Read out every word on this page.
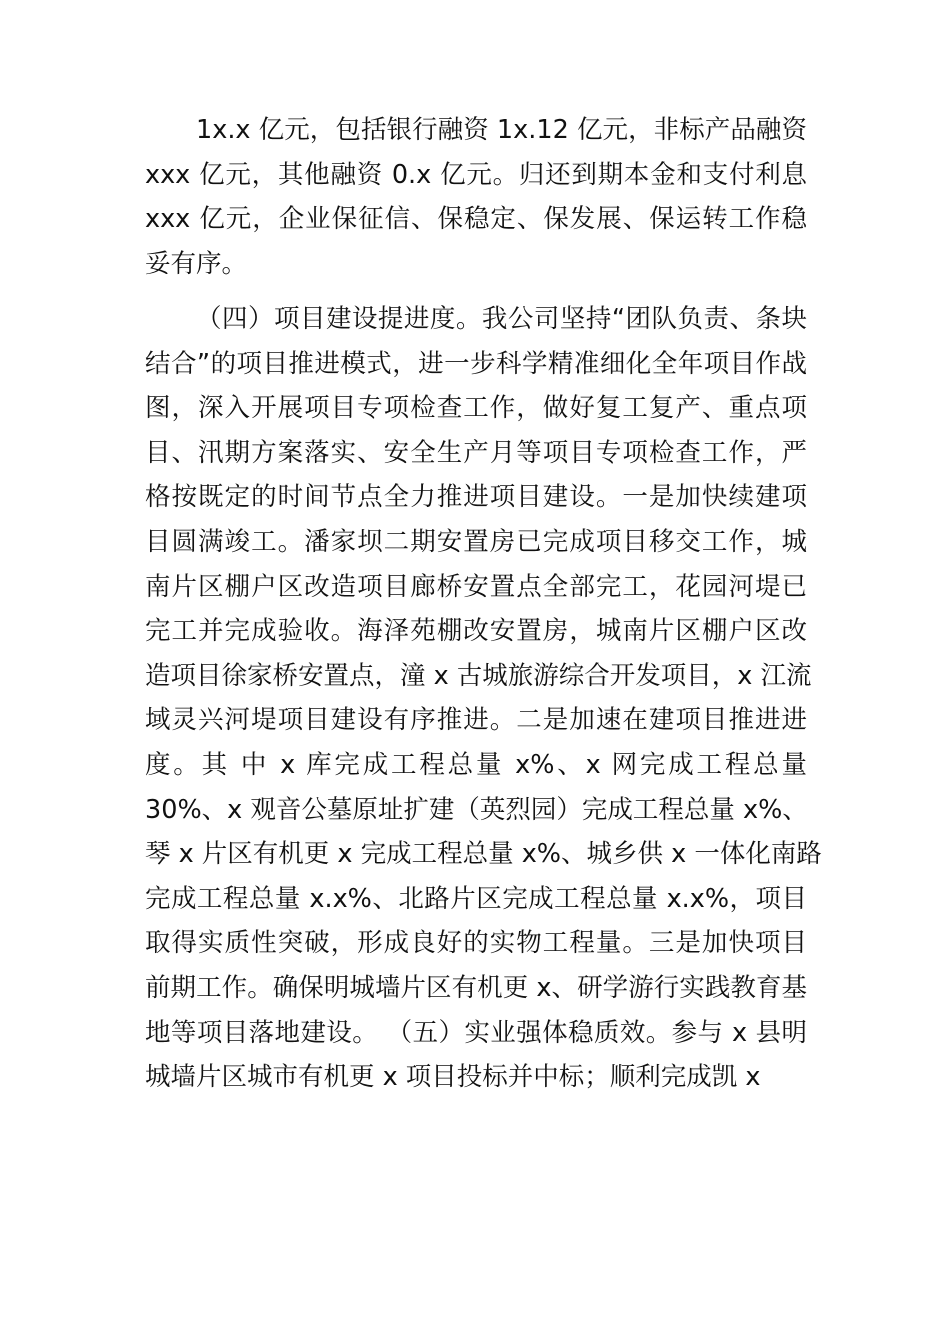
1x.x 亿元，包括银行融资 1x.12 亿元，非标产品融资
xxx 亿元，其他融资 0.x 亿元。归还到期本金和支付利息
xxx 亿元，企业保征信、保稳定、保发展、保运转工作稳
妥有序。
（四）项目建设提进度。我公司坚持“团队负责、条块
结合”的项目推进模式，进一步科学精准细化全年项目作战
图，深入开展项目专项检查工作，做好复工复产、重点项
目、汛期方案落实、安全生产月等项目专项检查工作，严
格按既定的时间节点全力推进项目建设。一是加快续建项
目圆满竣工。潘家坝二期安置房已完成项目移交工作，城
南片区棚户区改造项目廊桥安置点全部完工，花园河堤已
完工并完成验收。海泽苑棚改安置房，城南片区棚户区改
造项目徐家桥安置点，潼 x 古城旅游综合开发项目，x 江流
域灵兴河堤项目建设有序推进。二是加速在建项目推进进
度。其 中 x 库完成工程总量 x%、x 网完成工程总量
30%、x 观音公墓原址扩建（英烈园）完成工程总量 x%、
琴 x 片区有机更 x 完成工程总量 x%、城乡供 x 一体化南路
完成工程总量 x.x%、北路片区完成工程总量 x.x%，项目
取得实质性突破，形成良好的实物工程量。三是加快项目
前期工作。确保明城墙片区有机更 x、研学游行实践教育基
地等项目落地建设。 （五）实业强体稳质效。参与 x 县明
城墙片区城市有机更 x 项目投标并中标；顺利完成凯 x
